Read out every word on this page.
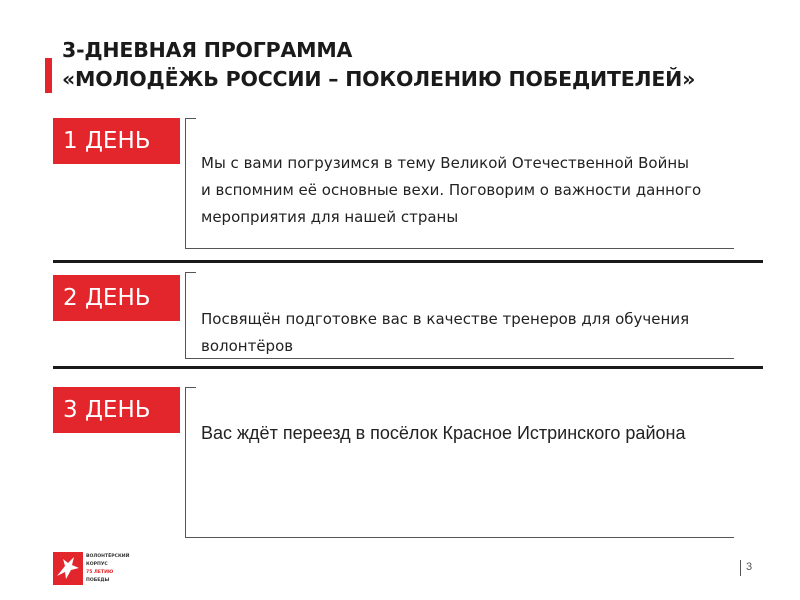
3-ДНЕВНАЯ ПРОГРАММА
«МОЛОДЁЖЬ РОССИИ – ПОКОЛЕНИЮ ПОБЕДИТЕЛЕЙ»
1 ДЕНЬ
Мы с вами погрузимся в тему Великой Отечественной Войны
и вспомним её основные вехи. Поговорим о важности данного
мероприятия для нашей страны
2 ДЕНЬ
Посвящён подготовке вас в качестве тренеров для обучения
волонтёров
3 ДЕНЬ
Вас ждёт переезд в посёлок Красное Истринского района
ВОЛОНТЁРСКИЙ
КОРПУС
75 ЛЕТИЮ
ПОБЕДЫ
3
